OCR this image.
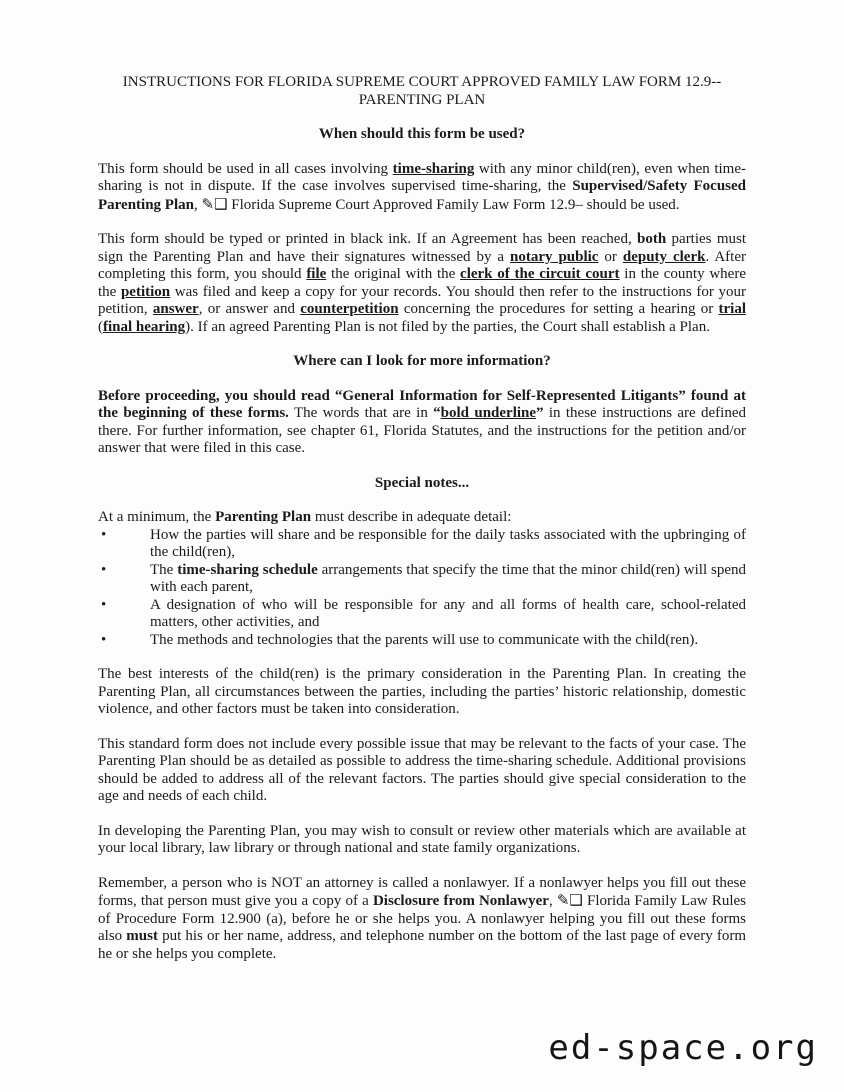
INSTRUCTIONS FOR FLORIDA SUPREME COURT APPROVED FAMILY LAW FORM 12.9--
PARENTING PLAN
When should this form be used?
This form should be used in all cases involving time-sharing with any minor child(ren), even when time-sharing is not in dispute. If the case involves supervised time-sharing, the Supervised/Safety Focused Parenting Plan, ✎❑ Florida Supreme Court Approved Family Law Form 12.9– should be used.
This form should be typed or printed in black ink. If an Agreement has been reached, both parties must sign the Parenting Plan and have their signatures witnessed by a notary public or deputy clerk. After completing this form, you should file the original with the clerk of the circuit court in the county where the petition was filed and keep a copy for your records. You should then refer to the instructions for your petition, answer, or answer and counterpetition concerning the procedures for setting a hearing or trial (final hearing). If an agreed Parenting Plan is not filed by the parties, the Court shall establish a Plan.
Where can I look for more information?
Before proceeding, you should read “General Information for Self-Represented Litigants” found at the beginning of these forms. The words that are in “bold underline” in these instructions are defined there. For further information, see chapter 61, Florida Statutes, and the instructions for the petition and/or answer that were filed in this case.
Special notes...
At a minimum, the Parenting Plan must describe in adequate detail:
•	How the parties will share and be responsible for the daily tasks associated with the upbringing of the child(ren),
•	The time-sharing schedule arrangements that specify the time that the minor child(ren) will spend with each parent,
•	A designation of who will be responsible for any and all forms of health care, school-related matters, other activities, and
•	The methods and technologies that the parents will use to communicate with the child(ren).
The best interests of the child(ren) is the primary consideration in the Parenting Plan. In creating the Parenting Plan, all circumstances between the parties, including the parties’ historic relationship, domestic violence, and other factors must be taken into consideration.
This standard form does not include every possible issue that may be relevant to the facts of your case. The Parenting Plan should be as detailed as possible to address the time-sharing schedule. Additional provisions should be added to address all of the relevant factors. The parties should give special consideration to the age and needs of each child.
In developing the Parenting Plan, you may wish to consult or review other materials which are available at your local library, law library or through national and state family organizations.
Remember, a person who is NOT an attorney is called a nonlawyer. If a nonlawyer helps you fill out these forms, that person must give you a copy of a Disclosure from Nonlawyer, ✎❑ Florida Family Law Rules of Procedure Form 12.900 (a), before he or she helps you. A nonlawyer helping you fill out these forms also must put his or her name, address, and telephone number on the bottom of the last page of every form he or she helps you complete.
ed-space.org
